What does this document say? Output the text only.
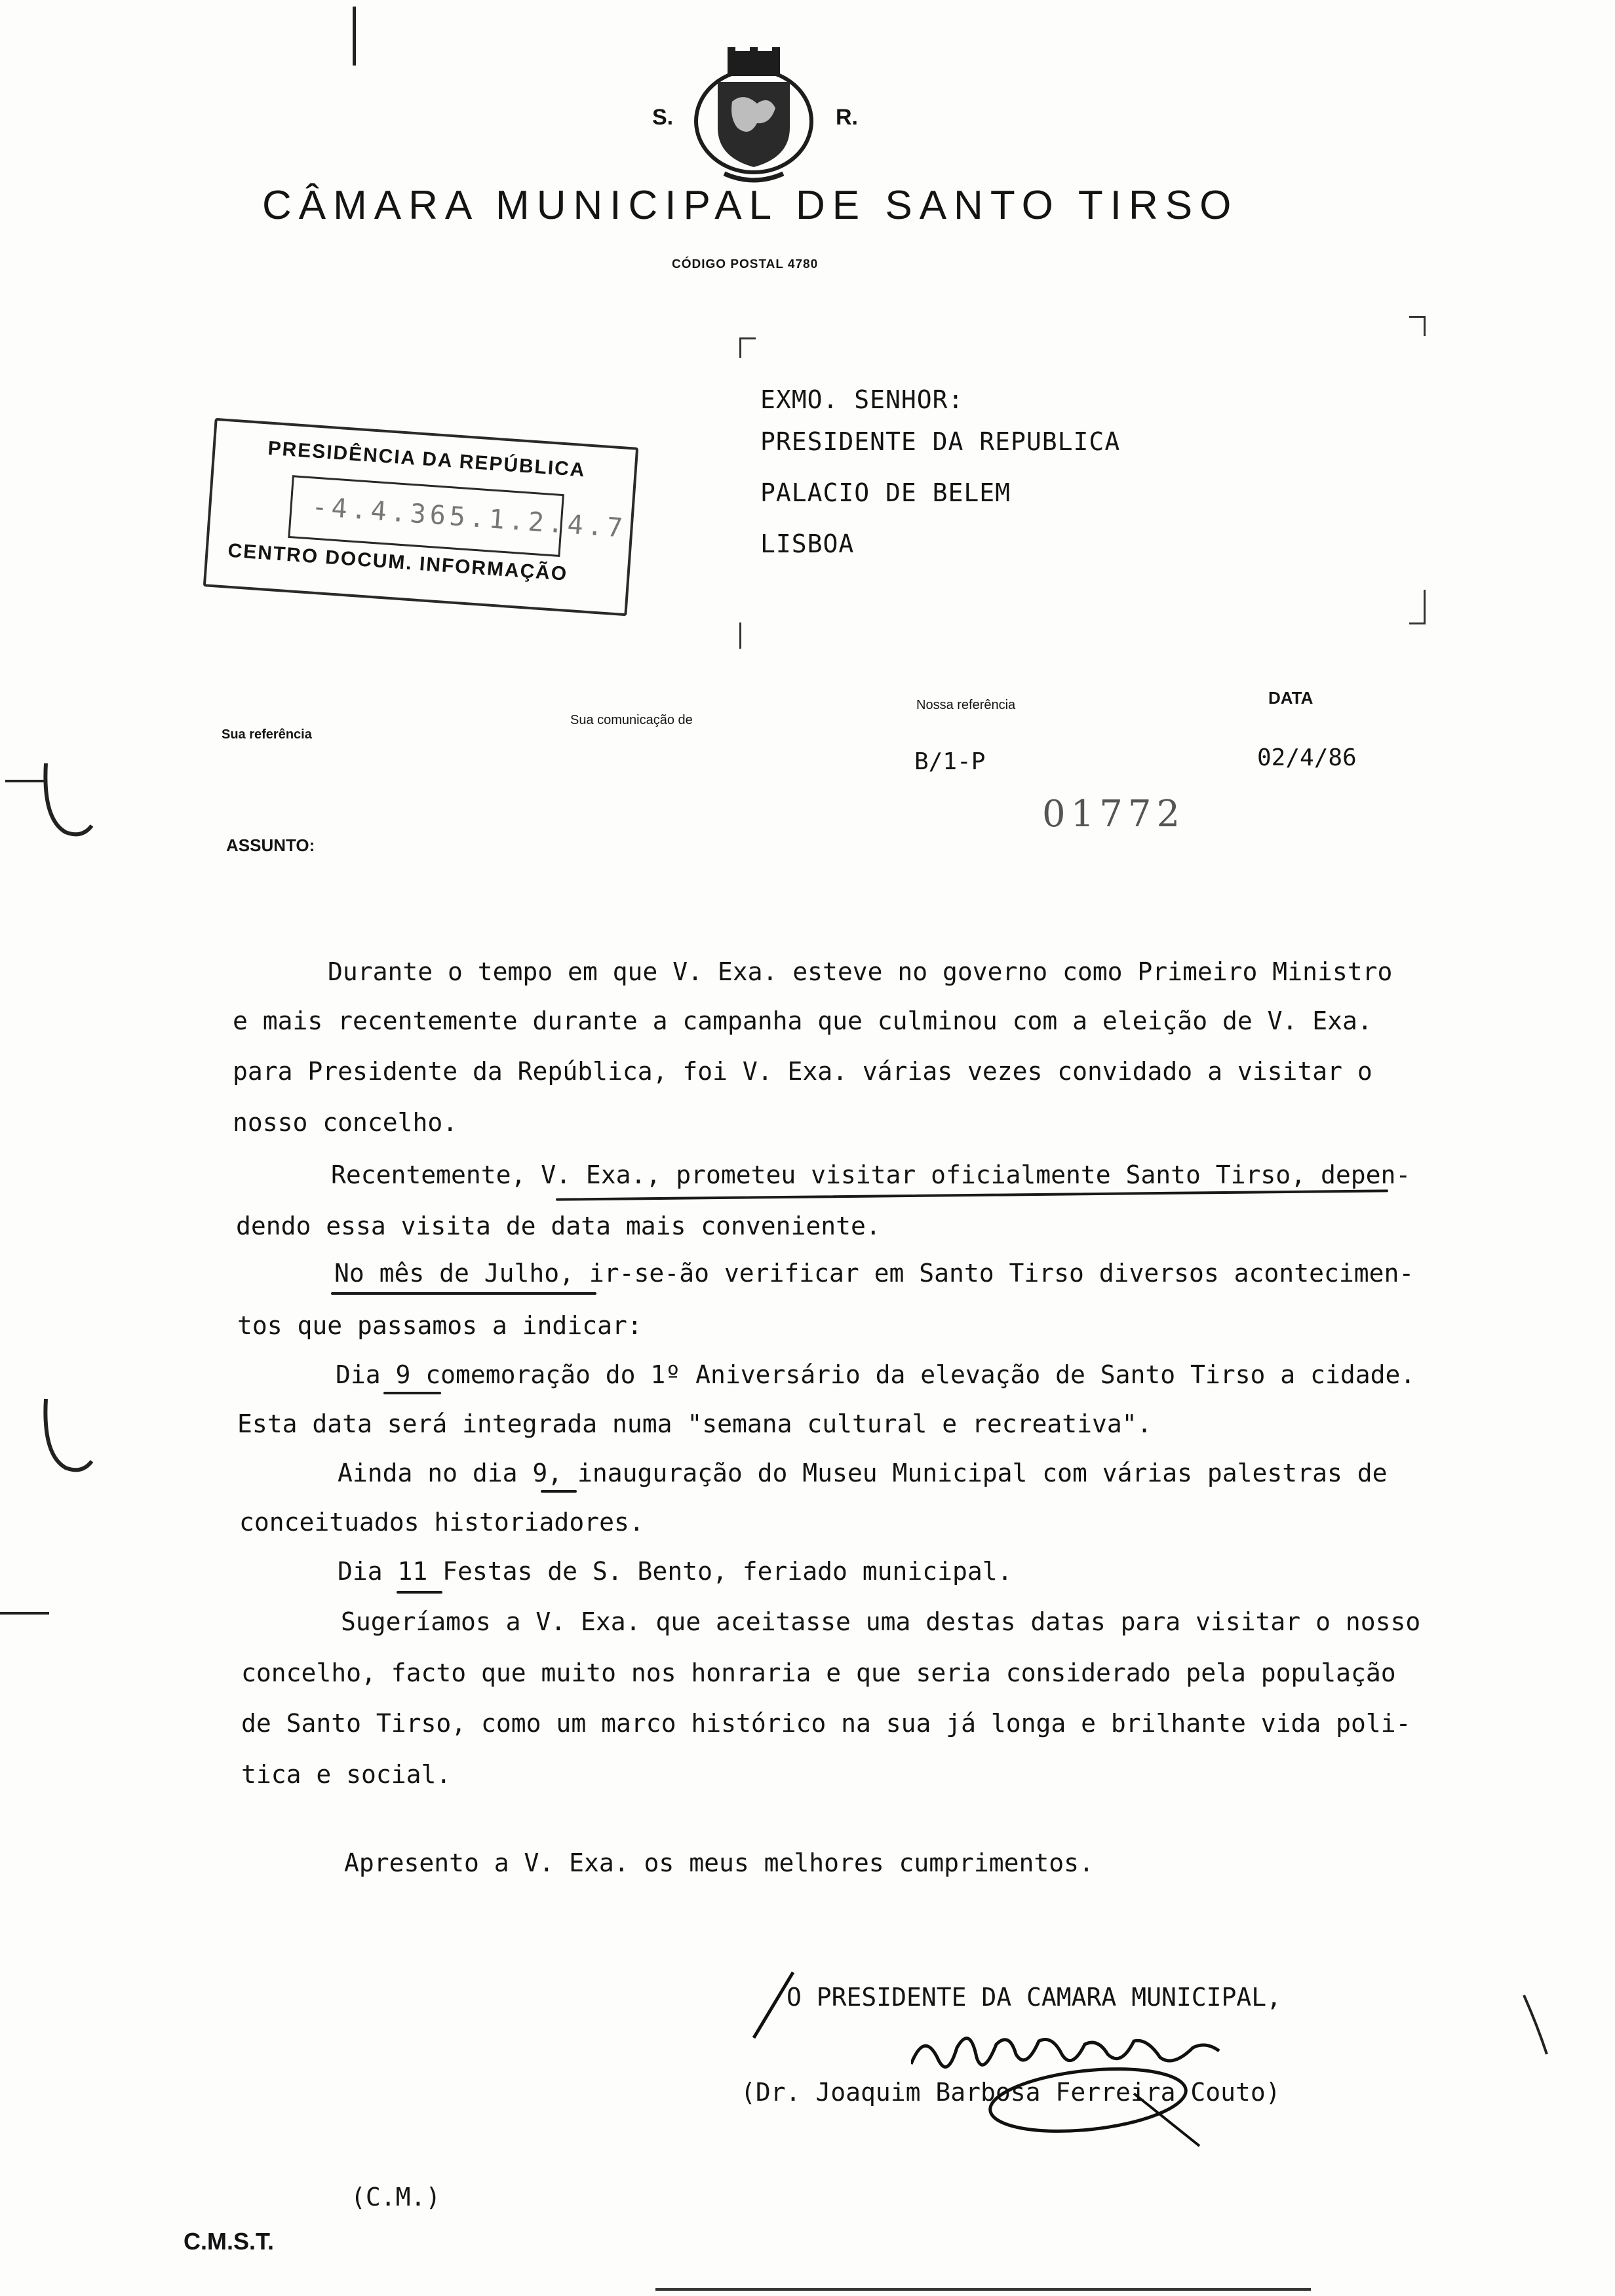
S.	R.
CÂMARA MUNICIPAL DE SANTO TIRSO
CÓDIGO POSTAL 4780
EXMO. SENHOR:
PRESIDENTE DA REPUBLICA
PALACIO DE BELEM
LISBOA
PRESIDÊNCIA DA REPÚBLICA
-4.4.365.1.2.4.7
CENTRO DOCUM. INFORMAÇÃO
Sua referência
Sua comunicação de
Nossa referência	DATA
B/1-P	02/4/86
01772
ASSUNTO:
Durante o tempo em que V. Exa. esteve no governo como Primeiro Ministro
e mais recentemente durante a campanha que culminou com a eleição de V. Exa.
para Presidente da República, foi V. Exa. várias vezes convidado a visitar o
nosso concelho.
Recentemente, V. Exa., prometeu visitar oficialmente Santo Tirso, depen-
dendo essa visita de data mais conveniente.
No mês de Julho, ir-se-ão verificar em Santo Tirso diversos acontecimen-
tos que passamos a indicar:
Dia 9 comemoração do 1º Aniversário da elevação de Santo Tirso a cidade.
Esta data será integrada numa "semana cultural e recreativa".
Ainda no dia 9, inauguração do Museu Municipal com várias palestras de
conceituados historiadores.
Dia 11 Festas de S. Bento, feriado municipal.
Sugeríamos a V. Exa. que aceitasse uma destas datas para visitar o nosso
concelho, facto que muito nos honraria e que seria considerado pela população
de Santo Tirso, como um marco histórico na sua já longa e brilhante vida poli-
tica e social.
Apresento a V. Exa. os meus melhores cumprimentos.
O PRESIDENTE DA CAMARA MUNICIPAL,
(Dr. Joaquim Barbosa Ferreira Couto)
(C.M.)
C.M.S.T.
